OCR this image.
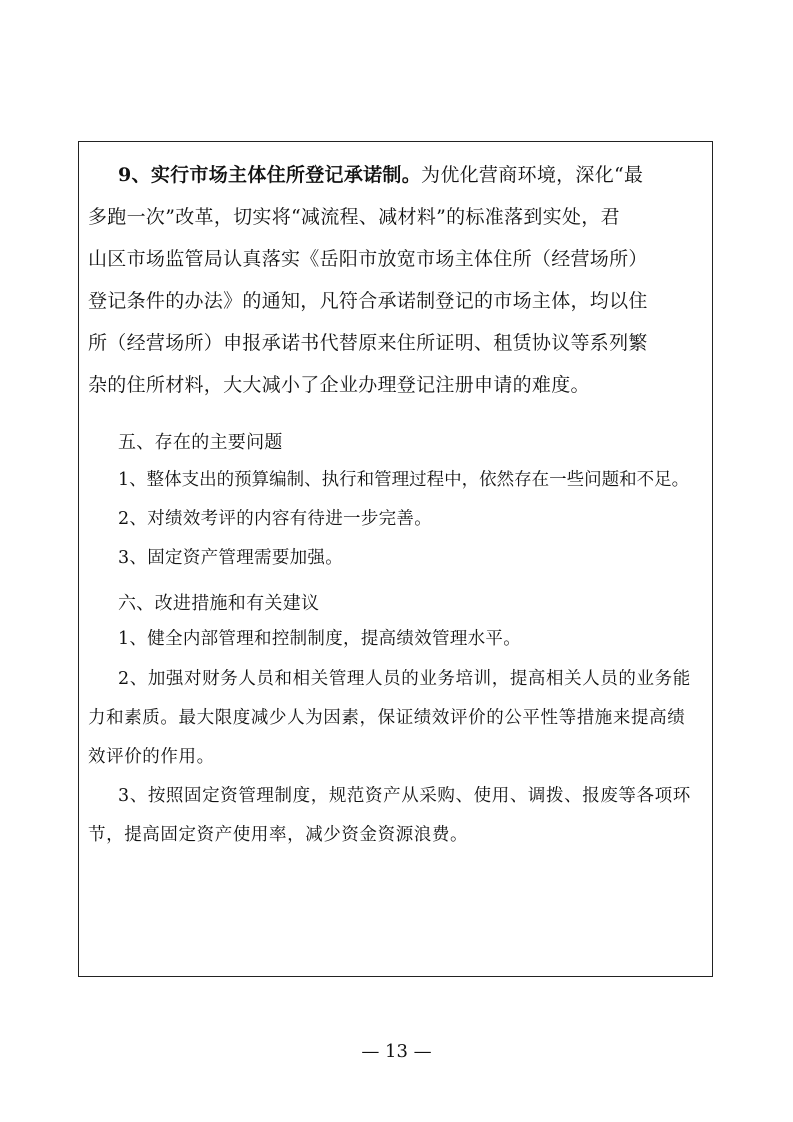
9、实行市场主体住所登记承诺制。为优化营商环境，深化“最
多跑一次”改革，切实将“减流程、减材料”的标准落到实处，君
山区市场监管局认真落实《岳阳市放宽市场主体住所（经营场所）
登记条件的办法》的通知，凡符合承诺制登记的市场主体，均以住
所（经营场所）申报承诺书代替原来住所证明、租赁协议等系列繁
杂的住所材料，大大减小了企业办理登记注册申请的难度。
五、存在的主要问题
1、整体支出的预算编制、执行和管理过程中，依然存在一些问题和不足。
2、对绩效考评的内容有待进一步完善。
3、固定资产管理需要加强。
六、改进措施和有关建议
1、健全内部管理和控制制度，提高绩效管理水平。
2、加强对财务人员和相关管理人员的业务培训，提高相关人员的业务能
力和素质。最大限度减少人为因素，保证绩效评价的公平性等措施来提高绩
效评价的作用。
3、按照固定资管理制度，规范资产从采购、使用、调拨、报废等各项环
节，提高固定资产使用率，减少资金资源浪费。
— 13 —
